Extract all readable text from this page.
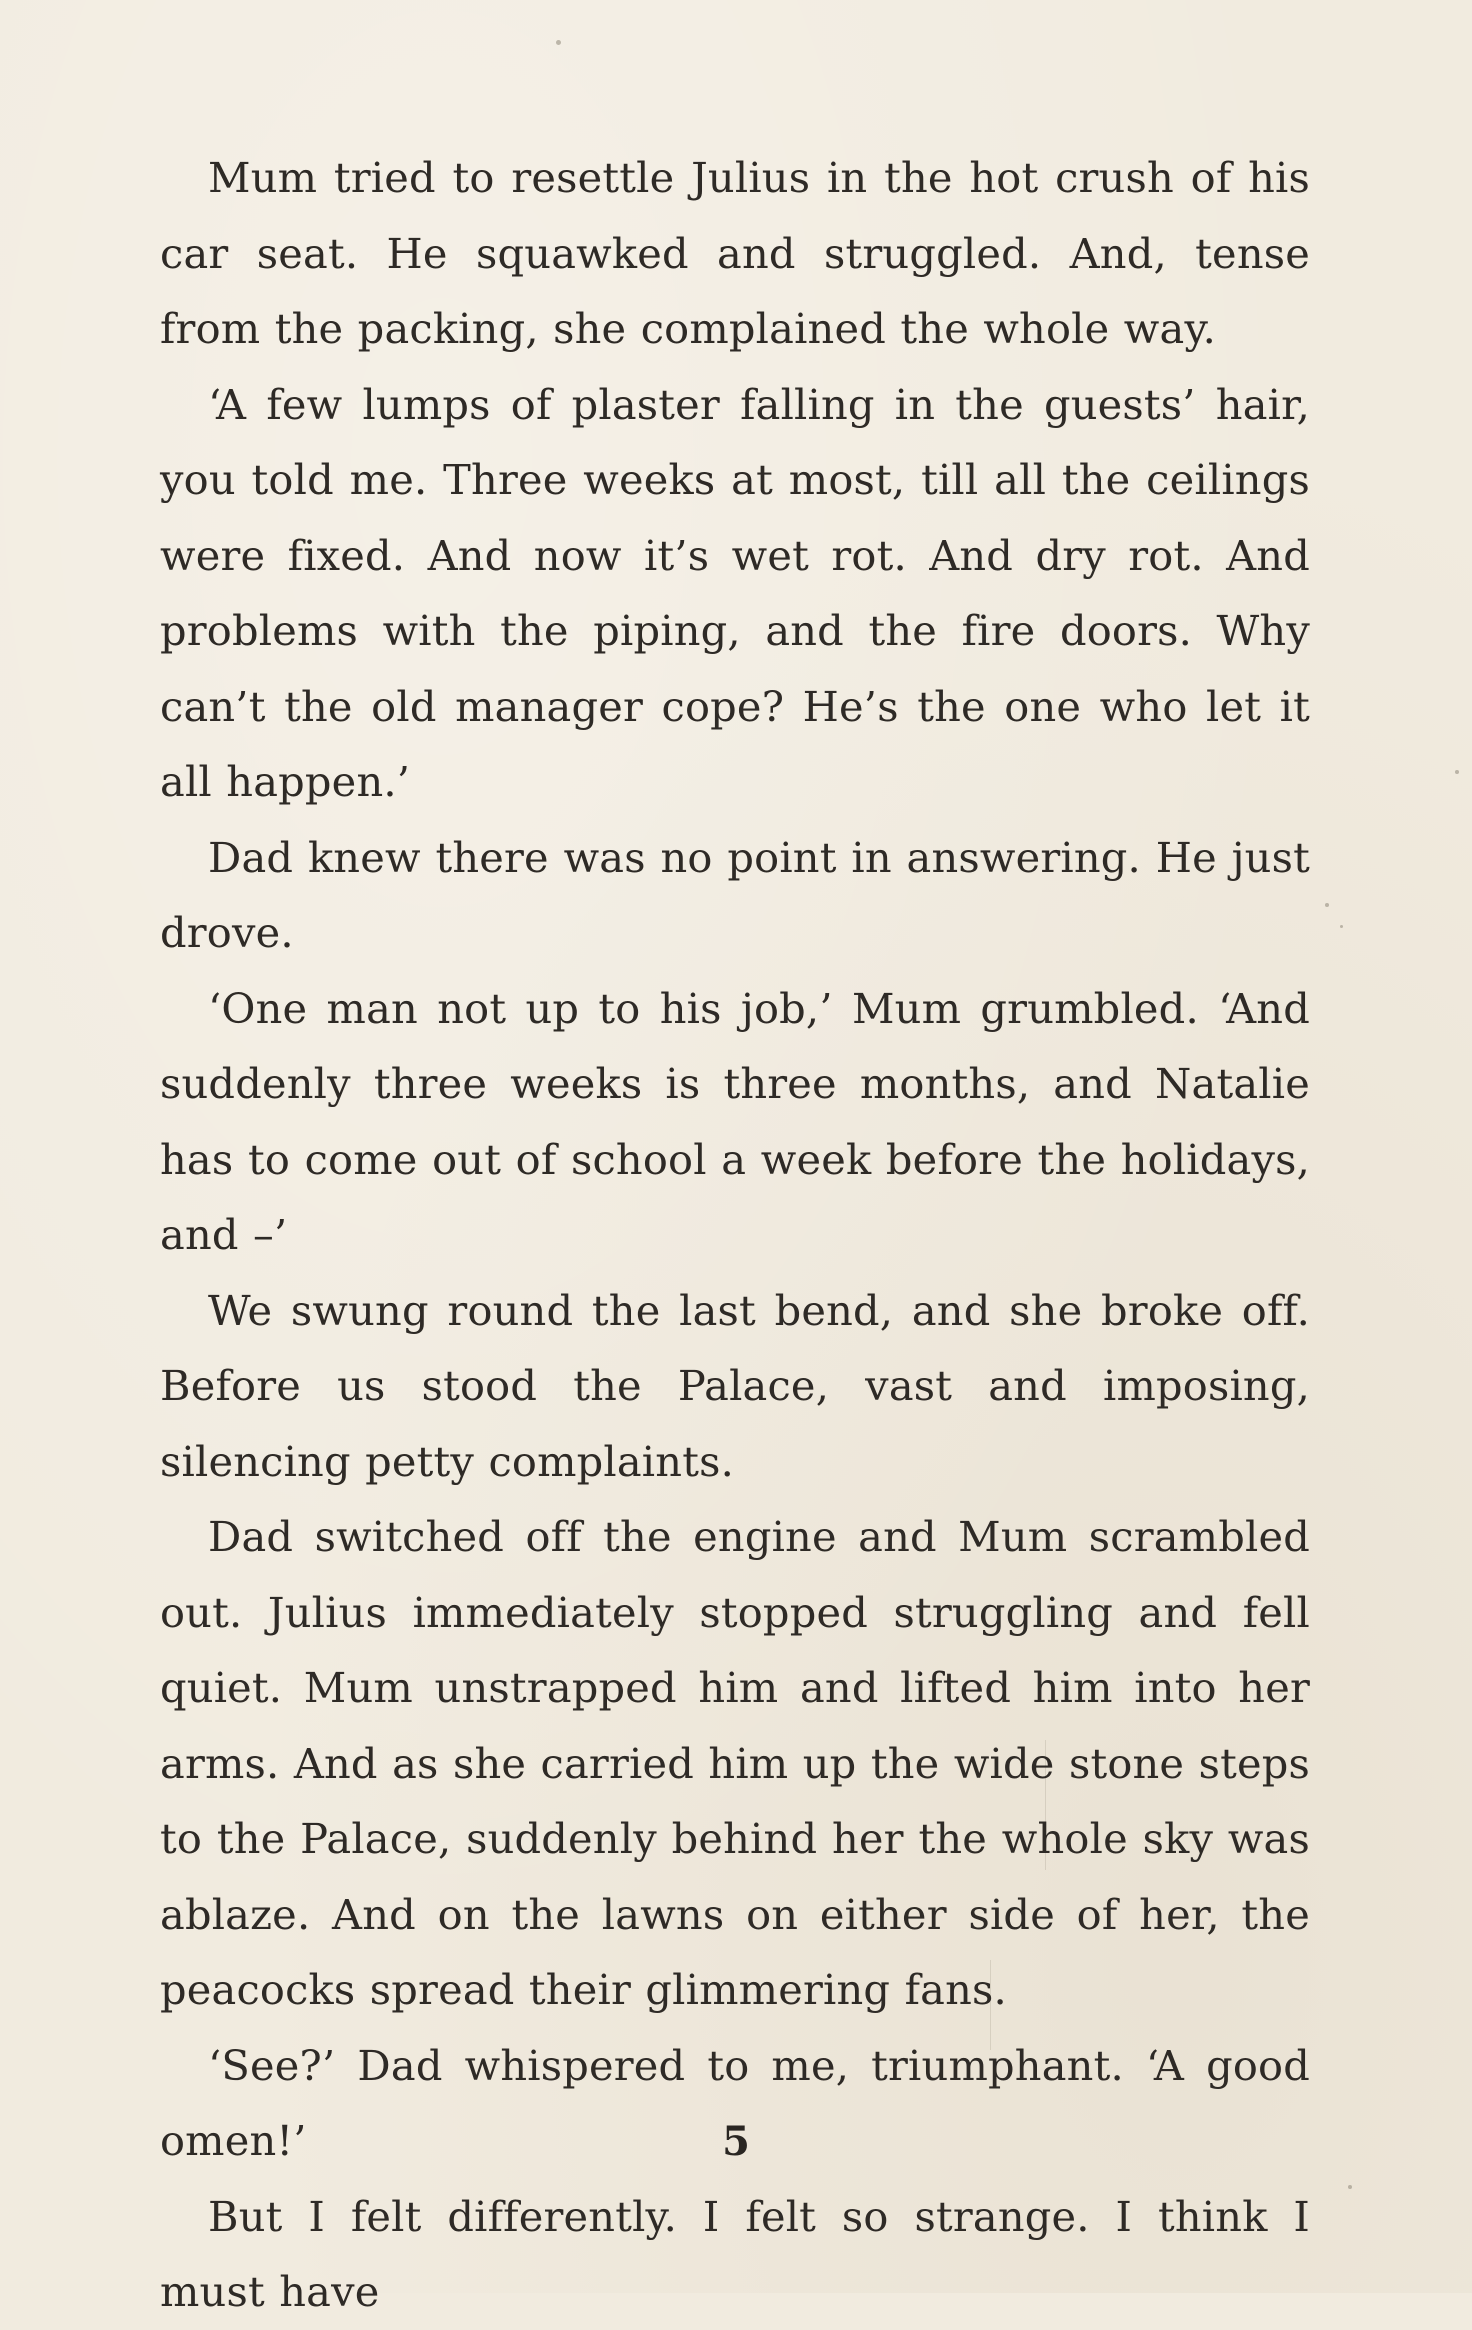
Mum tried to resettle Julius in the hot crush of his car seat. He squawked and struggled. And, tense from the packing, she complained the whole way.

‘A few lumps of plaster falling in the guests’ hair, you told me. Three weeks at most, till all the ceilings were fixed. And now it’s wet rot. And dry rot. And problems with the piping, and the fire doors. Why can’t the old manager cope? He’s the one who let it all happen.’

Dad knew there was no point in answering. He just drove.

‘One man not up to his job,’ Mum grumbled. ‘And suddenly three weeks is three months, and Natalie has to come out of school a week before the holidays, and –’

We swung round the last bend, and she broke off. Before us stood the Palace, vast and imposing, silencing petty complaints.

Dad switched off the engine and Mum scrambled out. Julius immediately stopped struggling and fell quiet. Mum unstrapped him and lifted him into her arms. And as she carried him up the wide stone steps to the Palace, suddenly behind her the whole sky was ablaze. And on the lawns on either side of her, the peacocks spread their glimmering fans.

‘See?’ Dad whispered to me, triumphant. ‘A good omen!’

But I felt differently. I felt so strange. I think I must have

5
